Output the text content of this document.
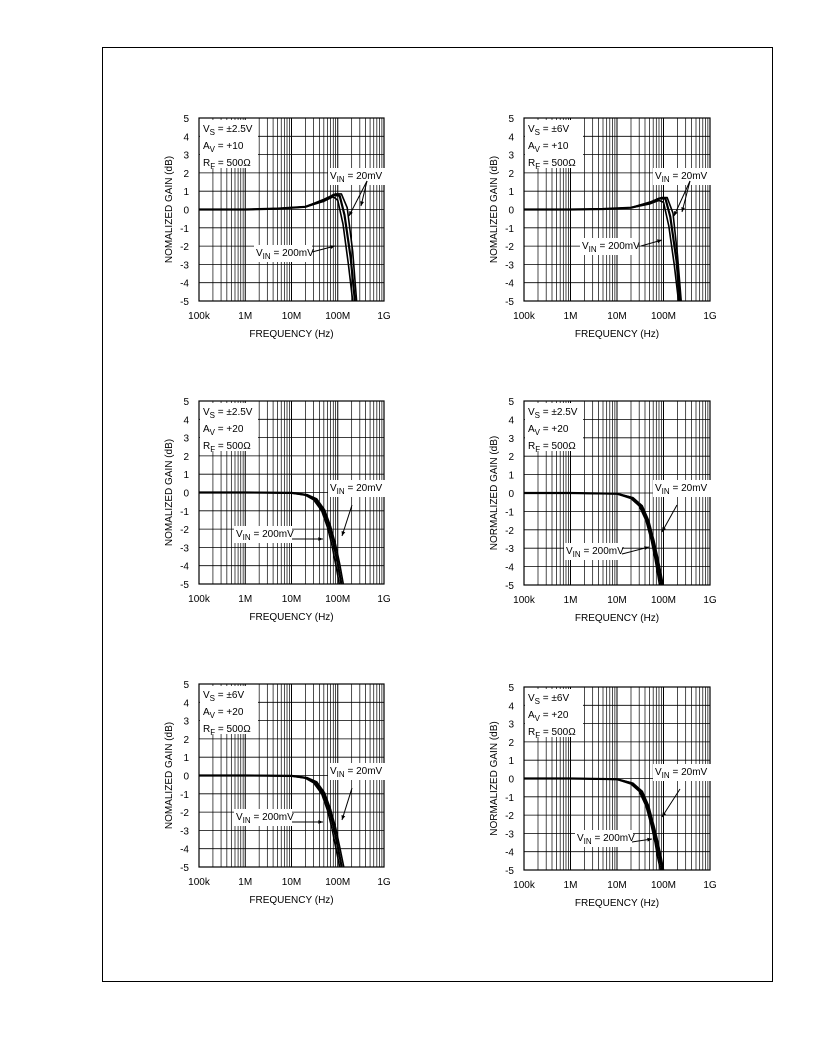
$V_S = \pm 2.5V$
$A_V = +10$
$R_F = 500\Omega$
5
4
3
2
1
0
-1
-2
-3
-4
-5
100k	1M	10M 100M	1G
FREQUENCY (Hz)
NOMALIZED GAIN (dB)	$V_{IN} = 20mV$
$V_{IN} = 200mV$
$V_S = \pm 6V$
$A_V = +10$
$R_F = 500\Omega$
5
4
3
2
1
0
-1
-2
-3
-4
-5
100k	1M	10M 100M	1G
FREQUENCY (Hz)
NOMALIZED GAIN (dB)	$V_{IN} = 20mV$
$V_{IN} = 200mV$
$V_S = \pm 2.5V$
$A_V = +20$
$R_F = 500\Omega$
5
4
3
2
1
0
-1
-2
-3
-4
-5
100k	1M	10M 100M	1G
FREQUENCY (Hz)
NOMALIZED GAIN (dB)	$V_{IN} = 20mV$
$V_{IN} = 200mV$
$V_S = \pm 2.5V$
$A_V = +20$
$R_F = 500\Omega$
5
4
3
2
1
0
-1
-2
-3
-4
-5
100k	1M	10M 100M	1G
FREQUENCY (Hz)
NORMALIZED GAIN (dB)	$V_{IN} = 20mV$
$V_{IN} = 200mV$
$V_S = \pm 6V$
$A_V = +20$
$R_F = 500\Omega$
5
4
3
2
1
0
-1
-2
-3
-4
-5
100k	1M	10M 100M	1G
FREQUENCY (Hz)
NOMALIZED GAIN (dB)	$V_{IN} = 20mV$
$V_{IN} = 200mV$
$V_S = \pm 6V$
$A_V = +20$
$R_F = 500\Omega$
5
4
3
2
1
0
-1
-2
-3
-4
-5
100k	1M	10M 100M	1G
FREQUENCY (Hz)
NORMALIZED GAIN (dB)	$V_{IN} = 20mV$
$V_{IN} = 200mV$
